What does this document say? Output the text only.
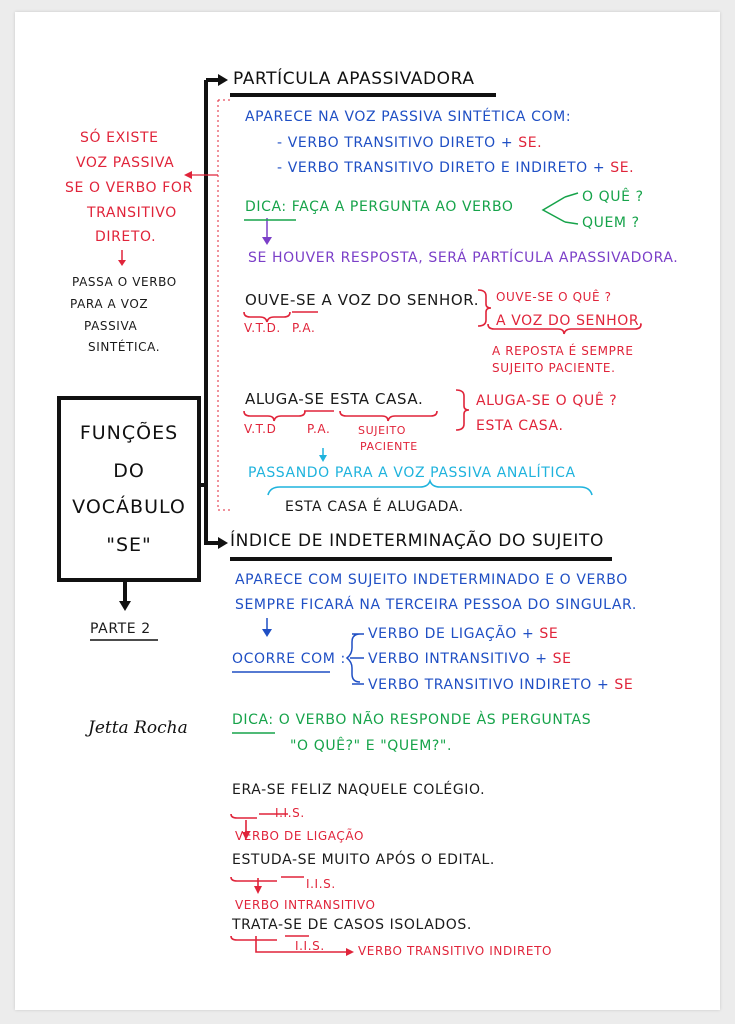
SÓ EXISTE
VOZ PASSIVA
SE O VERBO FOR
TRANSITIVO
DIRETO.
PASSA O VERBO
PARA A VOZ
PASSIVA
SINTÉTICA.
FUNÇÕES
DO
VOCÁBULO
"SE"
PARTE 2
Jetta Rocha
PARTÍCULA APASSIVADORA
APARECE NA VOZ PASSIVA SINTÉTICA COM:
- VERBO TRANSITIVO DIRETO + SE.
- VERBO TRANSITIVO DIRETO E INDIRETO + SE.
DICA: FAÇA A PERGUNTA AO VERBO
O QUÊ ?
QUEM ?
SE HOUVER RESPOSTA, SERÁ PARTÍCULA APASSIVADORA.
OUVE-SE A VOZ DO SENHOR.
V.T.D. P.A.
OUVE-SE O QUÊ ?
A VOZ DO SENHOR.
A REPOSTA É SEMPRE
SUJEITO PACIENTE.
ALUGA-SE ESTA CASA.
V.T.D	P.A.	SUJEITO
PACIENTE
ALUGA-SE O QUÊ ?
ESTA CASA.
PASSANDO PARA A VOZ PASSIVA ANALÍTICA
ESTA CASA É ALUGADA.
ÍNDICE DE INDETERMINAÇÃO DO SUJEITO
APARECE COM SUJEITO INDETERMINADO E O VERBO
SEMPRE FICARÁ NA TERCEIRA PESSOA DO SINGULAR.
OCORRE COM :
VERBO DE LIGAÇÃO + SE
VERBO INTRANSITIVO + SE
VERBO TRANSITIVO INDIRETO + SE
DICA: O VERBO NÃO RESPONDE ÀS PERGUNTAS
"O QUÊ?" E "QUEM?".
ERA-SE FELIZ NAQUELE COLÉGIO.
I.I.S.
VERBO DE LIGAÇÃO
ESTUDA-SE MUITO APÓS O EDITAL.
I.I.S.
VERBO INTRANSITIVO
TRATA-SE DE CASOS ISOLADOS.
I.I.S.	VERBO TRANSITIVO INDIRETO
